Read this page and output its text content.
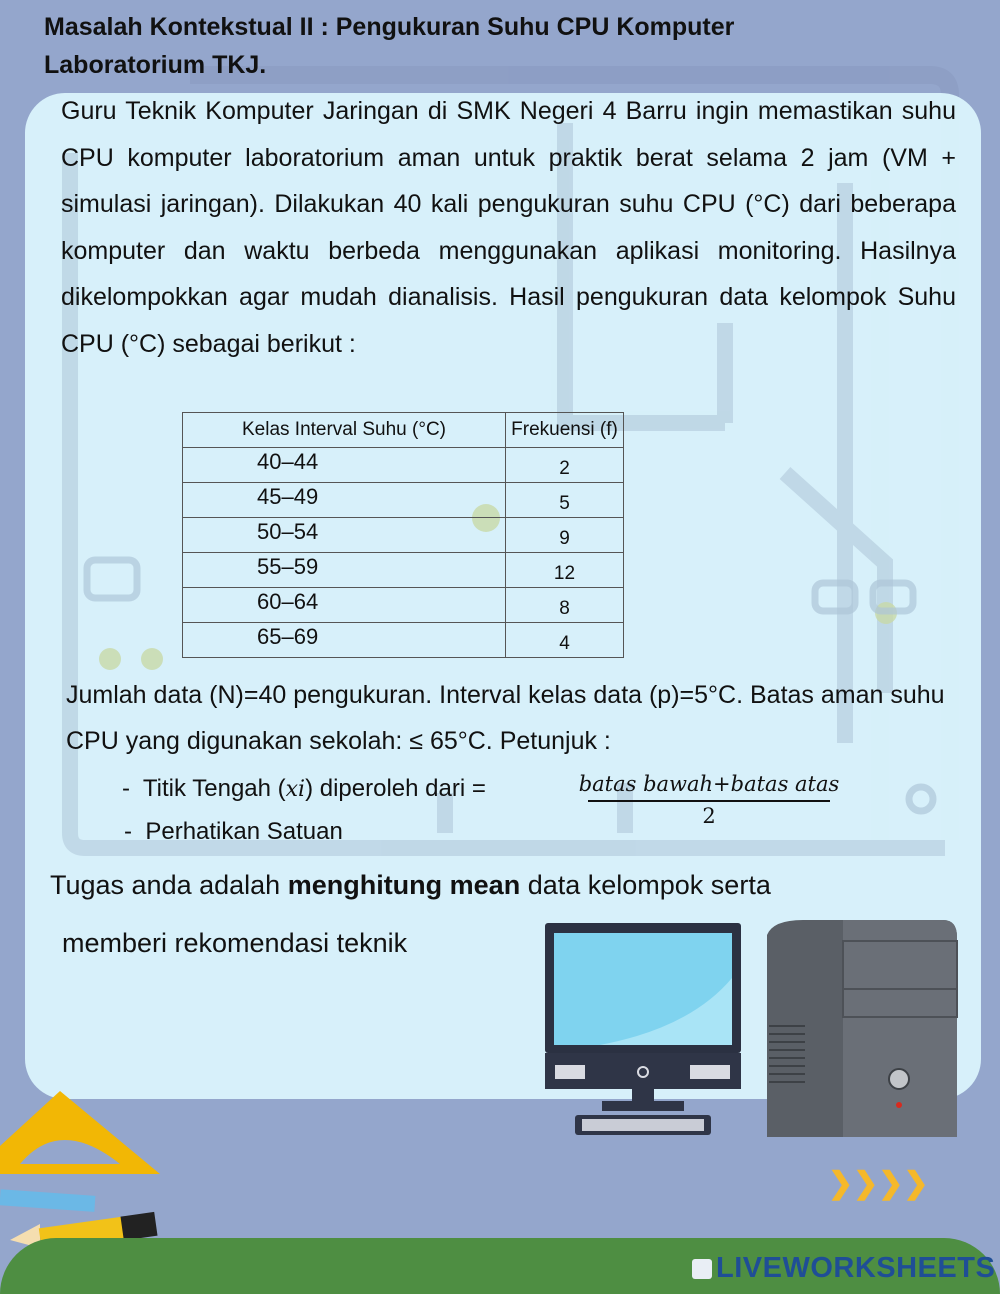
Masalah Kontekstual II : Pengukuran Suhu CPU Komputer Laboratorium TKJ.

Guru Teknik Komputer Jaringan di SMK Negeri 4 Barru ingin memastikan suhu CPU komputer laboratorium aman untuk praktik berat selama 2 jam (VM + simulasi jaringan). Dilakukan 40 kali pengukuran suhu CPU (°C) dari beberapa komputer dan waktu berbeda menggunakan aplikasi monitoring. Hasilnya dikelompokkan agar mudah dianalisis. Hasil pengukuran data kelompok Suhu CPU (°C) sebagai berikut :

Kelas Interval Suhu (°C)	Frekuensi (f)
40–44	2
45–49	5
50–54	9
55–59	12
60–64	8
65–69	4

Jumlah data (N)=40 pengukuran. Interval kelas data (p)=5°C. Batas aman suhu CPU yang digunakan sekolah: ≤ 65°C. Petunjuk :

- Titik Tengah (xi) diperoleh dari =	batas bawah+batas atas
2
- Perhatikan Satuan
Tugas anda adalah menghitung mean data kelompok serta
memberi rekomendasi teknik
❯❯❯❯
LIVEWORKSHEETS
